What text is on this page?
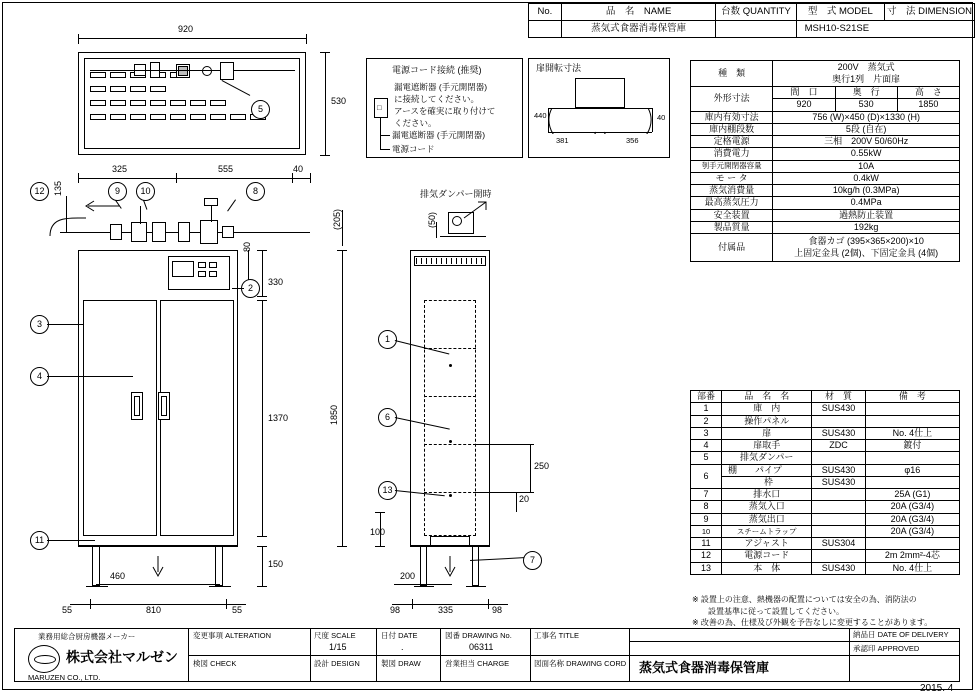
No.	品　名　NAME	台数 QUANTITY	型　式 MODEL	寸　法 DIMENSION
	蒸気式食器消毒保管庫		MSH10-S21SE	
種　類	200V　蒸気式
奥行1列　片面扉		
外形寸法	間　口	奥　行	高　さ
	920	530	1850
庫内有効寸法	756 (W)×450 (D)×1330 (H)		
庫内棚段数	5段 (自在)		
定格電源	三相　200V 50/60Hz		
消費電力	0.55kW		
刳手元開閉器容量	10A		
モ ー タ	0.4kW		
蒸気消費量	10kg/h (0.3MPa)		
最高蒸気圧力	0.4MPa		
安全装置	過熱防止装置		
製品質量	192kg		
付属品	食器カゴ (395×365×200)×10
上固定金具 (2個)、下固定金具 (4個)		
部番	品　名　名	材　質	備　考
1	庫　内	SUS430	
2	操作パネル		
3	扉	SUS430	No. 4仕上
4	扉取手	ZDC	鍍付
5	排気ダンパー		
6	棚　　パイプ	SUS430	φ16
	　　　　枠	SUS430	
7	排水口		25A (G1)
8	蒸気入口		20A (G3/4)
9	蒸気出口		20A (G3/4)
10	スチームトラップ		20A (G3/4)
11	アジャスト	SUS304	
12	電源コード		2m 2mm²-4芯
13	本　体	SUS430	No. 4仕上
※ 設置上の注意、熱機器の配置については安全の為、消防法の
　　設置基準に従って設置してください。
※ 改善の為、仕様及び外観を予告なしに変更することがあります。
920
530
5
電源コード接続 (推奨)
漏電遮断器 (手元開閉器)
に接続してください。
アースを確実に取り付けて
ください。
□
漏電遮断器 (手元開閉器)
電源コード
扉開転寸法
440
381	356
40
325	555	40
135
80
330
1370
150
460
810
55	55
12	9	10	8
2
3
4
11
排気ダンパー開時
1850
(205)	(50)
250
20
100
200
335
98	98
1
6
13
7
業務用総合厨房機器メーカー
株式会社マルゼン
MARUZEN CO., LTD.
変更事項 ALTERATION	尺度 SCALE
1/15
日付 DATE
.
図番 DRAWING No.
06311
工事名 TITLE	納品日 DATE OF DELIVERY
検図 CHECK	設計 DESIGN	製図 DRAW	営業担当 CHARGE	図面名称 DRAWING CORD 蒸気式食器消毒保管庫
承認印 APPROVED
2015. 4
